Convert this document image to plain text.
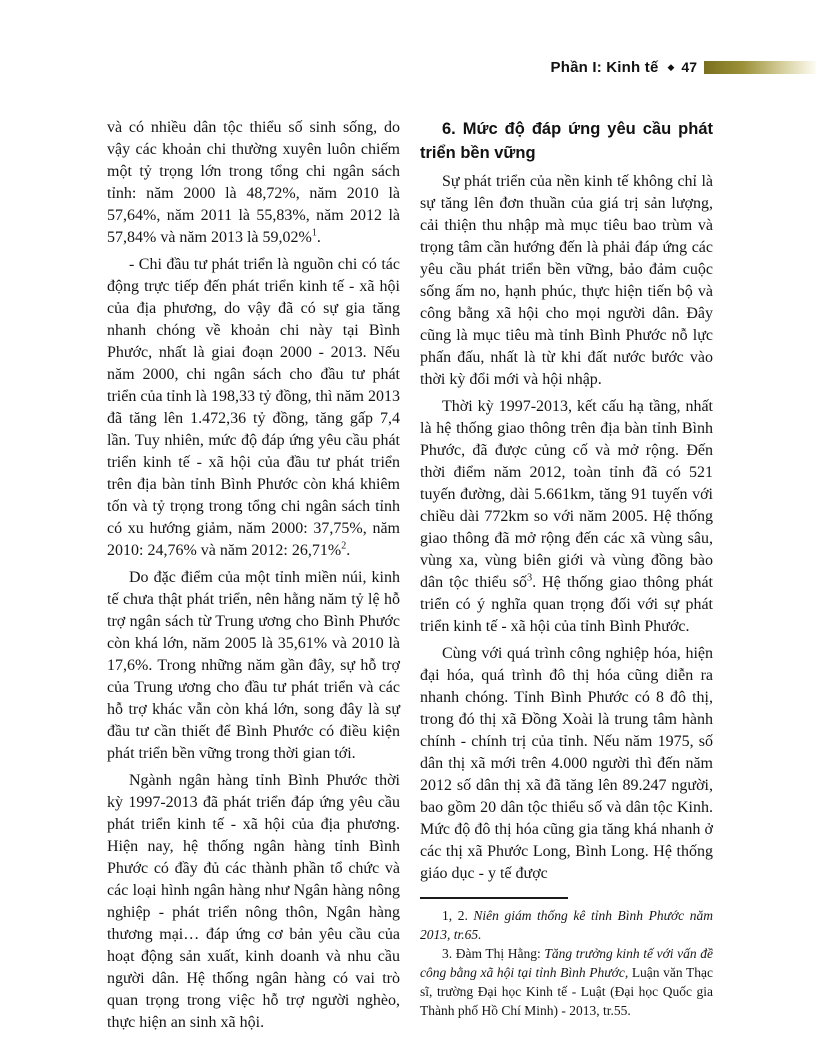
Phần I: Kinh tế ◆ 47

và có nhiều dân tộc thiểu số sinh sống, do vậy các khoản chi thường xuyên luôn chiếm một tỷ trọng lớn trong tổng chi ngân sách tỉnh: năm 2000 là 48,72%, năm 2010 là 57,64%, năm 2011 là 55,83%, năm 2012 là 57,84% và năm 2013 là 59,02%$^1$.

- Chi đầu tư phát triển là nguồn chi có tác động trực tiếp đến phát triển kinh tế - xã hội của địa phương, do vậy đã có sự gia tăng nhanh chóng về khoản chi này tại Bình Phước, nhất là giai đoạn 2000 - 2013. Nếu năm 2000, chi ngân sách cho đầu tư phát triển của tỉnh là 198,33 tỷ đồng, thì năm 2013 đã tăng lên 1.472,36 tỷ đồng, tăng gấp 7,4 lần. Tuy nhiên, mức độ đáp ứng yêu cầu phát triển kinh tế - xã hội của đầu tư phát triển trên địa bàn tỉnh Bình Phước còn khá khiêm tốn và tỷ trọng trong tổng chi ngân sách tỉnh có xu hướng giảm, năm 2000: 37,75%, năm 2010: 24,76% và năm 2012: 26,71%$^2$.

Do đặc điểm của một tỉnh miền núi, kinh tế chưa thật phát triển, nên hằng năm tỷ lệ hỗ trợ ngân sách từ Trung ương cho Bình Phước còn khá lớn, năm 2005 là 35,61% và 2010 là 17,6%. Trong những năm gần đây, sự hỗ trợ của Trung ương cho đầu tư phát triển và các hỗ trợ khác vẫn còn khá lớn, song đây là sự đầu tư cần thiết để Bình Phước có điều kiện phát triển bền vững trong thời gian tới.

Ngành ngân hàng tỉnh Bình Phước thời kỳ 1997-2013 đã phát triển đáp ứng yêu cầu phát triển kinh tế - xã hội của địa phương. Hiện nay, hệ thống ngân hàng tỉnh Bình Phước có đầy đủ các thành phần tổ chức và các loại hình ngân hàng như Ngân hàng nông nghiệp - phát triển nông thôn, Ngân hàng thương mại… đáp ứng cơ bản yêu cầu của hoạt động sản xuất, kinh doanh và nhu cầu người dân. Hệ thống ngân hàng có vai trò quan trọng trong việc hỗ trợ người nghèo, thực hiện an sinh xã hội.

6. Mức độ đáp ứng yêu cầu phát triển bền vững

Sự phát triển của nền kinh tế không chỉ là sự tăng lên đơn thuần của giá trị sản lượng, cải thiện thu nhập mà mục tiêu bao trùm và trọng tâm cần hướng đến là phải đáp ứng các yêu cầu phát triển bền vững, bảo đảm cuộc sống ấm no, hạnh phúc, thực hiện tiến bộ và công bằng xã hội cho mọi người dân. Đây cũng là mục tiêu mà tỉnh Bình Phước nỗ lực phấn đấu, nhất là từ khi đất nước bước vào thời kỳ đổi mới và hội nhập.

Thời kỳ 1997-2013, kết cấu hạ tầng, nhất là hệ thống giao thông trên địa bàn tỉnh Bình Phước, đã được củng cố và mở rộng. Đến thời điểm năm 2012, toàn tỉnh đã có 521 tuyến đường, dài 5.661km, tăng 91 tuyến với chiều dài 772km so với năm 2005. Hệ thống giao thông đã mở rộng đến các xã vùng sâu, vùng xa, vùng biên giới và vùng đồng bào dân tộc thiểu số$^3$. Hệ thống giao thông phát triển có ý nghĩa quan trọng đối với sự phát triển kinh tế - xã hội của tỉnh Bình Phước.

Cùng với quá trình công nghiệp hóa, hiện đại hóa, quá trình đô thị hóa cũng diễn ra nhanh chóng. Tỉnh Bình Phước có 8 đô thị, trong đó thị xã Đồng Xoài là trung tâm hành chính - chính trị của tỉnh. Nếu năm 1975, số dân thị xã mới trên 4.000 người thì đến năm 2012 số dân thị xã đã tăng lên 89.247 người, bao gồm 20 dân tộc thiểu số và dân tộc Kinh. Mức độ đô thị hóa cũng gia tăng khá nhanh ở các thị xã Phước Long, Bình Long. Hệ thống giáo dục - y tế được

1, 2. Niên giám thống kê tỉnh Bình Phước năm 2013, tr.65.

3. Đàm Thị Hằng: Tăng trưởng kinh tế với vấn đề công bằng xã hội tại tỉnh Bình Phước, Luận văn Thạc sĩ, trường Đại học Kinh tế - Luật (Đại học Quốc gia Thành phố Hồ Chí Minh) - 2013, tr.55.
